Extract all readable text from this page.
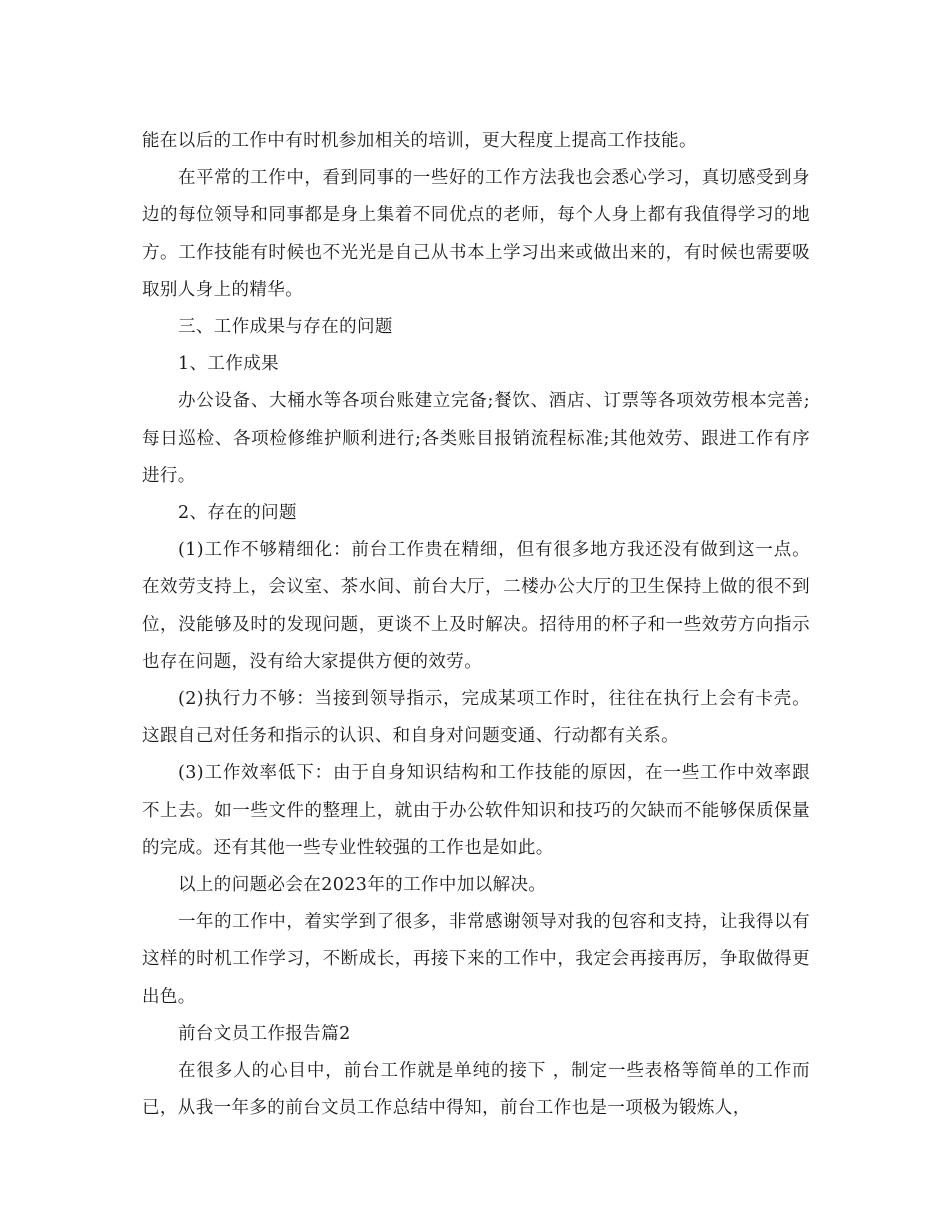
能在以后的工作中有时机参加相关的培训，更大程度上提高工作技能。

在平常的工作中，看到同事的一些好的工作方法我也会悉心学习，真切感受到身边的每位领导和同事都是身上集着不同优点的老师，每个人身上都有我值得学习的地方。工作技能有时候也不光光是自己从书本上学习出来或做出来的，有时候也需要吸取别人身上的精华。

三、工作成果与存在的问题

1、工作成果

办公设备、大桶水等各项台账建立完备;餐饮、酒店、订票等各项效劳根本完善;每日巡检、各项检修维护顺利进行;各类账目报销流程标准;其他效劳、跟进工作有序进行。

2、存在的问题

(1)工作不够精细化：前台工作贵在精细，但有很多地方我还没有做到这一点。在效劳支持上，会议室、茶水间、前台大厅，二楼办公大厅的卫生保持上做的很不到位，没能够及时的发现问题，更谈不上及时解决。招待用的杯子和一些效劳方向指示也存在问题，没有给大家提供方便的效劳。

(2)执行力不够：当接到领导指示，完成某项工作时，往往在执行上会有卡壳。这跟自己对任务和指示的认识、和自身对问题变通、行动都有关系。

(3)工作效率低下：由于自身知识结构和工作技能的原因，在一些工作中效率跟不上去。如一些文件的整理上，就由于办公软件知识和技巧的欠缺而不能够保质保量的完成。还有其他一些专业性较强的工作也是如此。

以上的问题必会在2023年的工作中加以解决。

一年的工作中，着实学到了很多，非常感谢领导对我的包容和支持，让我得以有这样的时机工作学习，不断成长，再接下来的工作中，我定会再接再厉，争取做得更出色。

前台文员工作报告篇2

在很多人的心目中，前台工作就是单纯的接下 ，制定一些表格等简单的工作而已，从我一年多的前台文员工作总结中得知，前台工作也是一项极为锻炼人，
